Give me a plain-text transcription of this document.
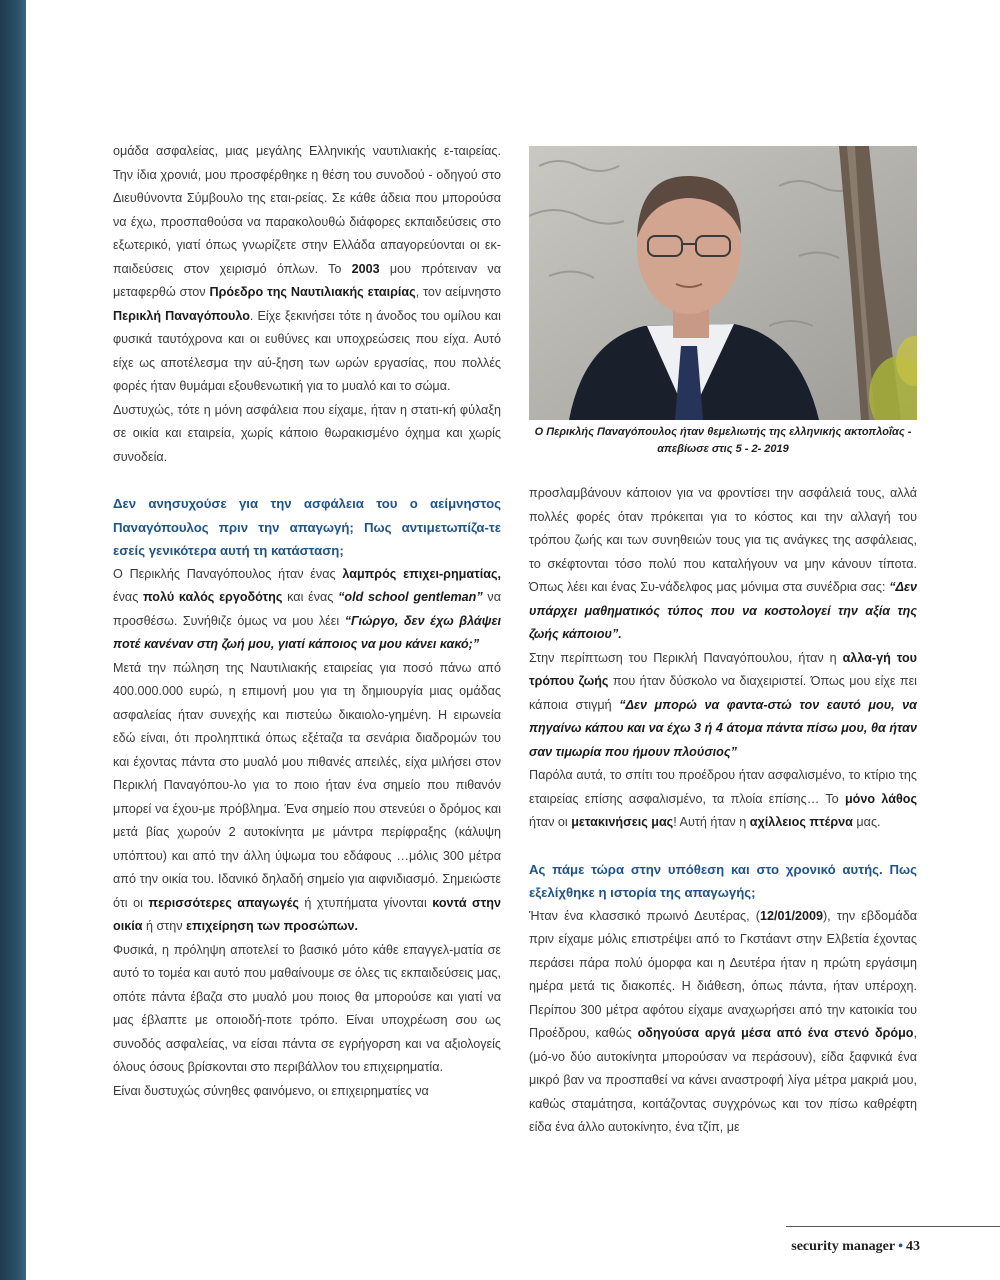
ομάδα ασφαλείας, μιας μεγάλης Ελληνικής ναυτιλιακής ε-ταιρείας. Την ίδια χρονιά, μου προσφέρθηκε η θέση του συνοδού - οδηγού στο Διευθύνοντα Σύμβουλο της εται-ρείας. Σε κάθε άδεια που μπορούσα να έχω, προσπαθούσα να παρακολουθώ διάφορες εκπαιδεύσεις στο εξωτερικό, γιατί όπως γνωρίζετε στην Ελλάδα απαγορεύονται οι εκ-παιδεύσεις στον χειρισμό όπλων. Το 2003 μου πρότειναν να μεταφερθώ στον Πρόεδρο της Ναυτιλιακής εταιρίας, τον αείμνηστο Περικλή Παναγόπουλο. Είχε ξεκινήσει τότε η άνοδος του ομίλου και φυσικά ταυτόχρονα και οι ευθύνες και υποχρεώσεις που είχα. Αυτό είχε ως αποτέλεσμα την αύ-ξηση των ωρών εργασίας, που πολλές φορές ήταν θυμάμαι εξουθενωτική για το μυαλό και το σώμα.

Δυστυχώς, τότε η μόνη ασφάλεια που είχαμε, ήταν η στατι-κή φύλαξη σε οικία και εταιρεία, χωρίς κάποιο θωρακισμένο όχημα και χωρίς συνοδεία.

Δεν ανησυχούσε για την ασφάλεια του ο αείμνηστος Παναγόπουλος πριν την απαγωγή; Πως αντιμετωπίζα-τε εσείς γενικότερα αυτή τη κατάσταση;

Ο Περικλής Παναγόπουλος ήταν ένας λαμπρός επιχει-ρηματίας, ένας πολύ καλός εργοδότης και ένας “old school gentleman” να προσθέσω. Συνήθιζε όμως να μου λέει “Γιώργο, δεν έχω βλάψει ποτέ κανέναν στη ζωή μου, γιατί κάποιος να μου κάνει κακό;”

Μετά την πώληση της Ναυτιλιακής εταιρείας για ποσό πάνω από 400.000.000 ευρώ, η επιμονή μου για τη δημιουργία μιας ομάδας ασφαλείας ήταν συνεχής και πιστεύω δικαιολο-γημένη. Η ειρωνεία εδώ είναι, ότι προληπτικά όπως εξέταζα τα σενάρια διαδρομών του και έχοντας πάντα στο μυαλό μου πιθανές απειλές, είχα μιλήσει στον Περικλή Παναγόπου-λο για το ποιο ήταν ένα σημείο που πιθανόν μπορεί να έχου-με πρόβλημα. Ένα σημείο που στενεύει ο δρόμος και μετά βίας χωρούν 2 αυτοκίνητα με μάντρα περίφραξης (κάλυψη υπόπτου) και από την άλλη ύψωμα του εδάφους …μόλις 300 μέτρα από την οικία του. Ιδανικό δηλαδή σημείο για αιφνιδιασμό. Σημειώστε ότι οι περισσότερες απαγωγές ή χτυπήματα γίνονται κοντά στην οικία ή στην επιχείρηση των προσώπων.

Φυσικά, η πρόληψη αποτελεί το βασικό μότο κάθε επαγγελ-ματία σε αυτό το τομέα και αυτό που μαθαίνουμε σε όλες τις εκπαιδεύσεις μας, οπότε πάντα έβαζα στο μυαλό μου ποιος θα μπορούσε και γιατί να μας έβλαπτε με οποιοδή-ποτε τρόπο. Είναι υποχρέωση σου ως συνοδός ασφαλείας, να είσαι πάντα σε εγρήγορση και να αξιολογείς όλους όσους βρίσκονται στο περιβάλλον του επιχειρηματία.

Είναι δυστυχώς σύνηθες φαινόμενο, οι επιχειρηματίες να

Ο Περικλής Παναγόπουλος ήταν θεμελιωτής της ελληνικής ακτοπλοΐας - απεβίωσε στις 5 - 2- 2019

προσλαμβάνουν κάποιον για να φροντίσει την ασφάλειά τους, αλλά πολλές φορές όταν πρόκειται για το κόστος και την αλλαγή του τρόπου ζωής και των συνηθειών τους για τις ανάγκες της ασφάλειας, το σκέφτονται τόσο πολύ που καταλήγουν να μην κάνουν τίποτα. Όπως λέει και ένας Συ-νάδελφος μας μόνιμα στα συνέδρια σας: “Δεν υπάρχει μαθηματικός τύπος που να κοστολογεί την αξία της ζωής κάποιου”.

Στην περίπτωση του Περικλή Παναγόπουλου, ήταν η αλλα-γή του τρόπου ζωής που ήταν δύσκολο να διαχειριστεί. Όπως μου είχε πει κάποια στιγμή “Δεν μπορώ να φαντα-στώ τον εαυτό μου, να πηγαίνω κάπου και να έχω 3 ή 4 άτομα πάντα πίσω μου, θα ήταν σαν τιμωρία που ήμουν πλούσιος”

Παρόλα αυτά, το σπίτι του προέδρου ήταν ασφαλισμένο, το κτίριο της εταιρείας επίσης ασφαλισμένο, τα πλοία επίσης… Το μόνο λάθος ήταν οι μετακινήσεις μας! Αυτή ήταν η αχίλλειος πτέρνα μας.

Ας πάμε τώρα στην υπόθεση και στο χρονικό αυτής. Πως εξελίχθηκε η ιστορία της απαγωγής;

Ήταν ένα κλασσικό πρωινό Δευτέρας, (12/01/2009), την εβδομάδα πριν είχαμε μόλις επιστρέψει από το Γκστάαντ στην Ελβετία έχοντας περάσει πάρα πολύ όμορφα και η Δευτέρα ήταν η πρώτη εργάσιμη ημέρα μετά τις διακοπές. Η διάθεση, όπως πάντα, ήταν υπέροχη. Περίπου 300 μέτρα αφότου είχαμε αναχωρήσει από την κατοικία του Προέδρου, καθώς οδηγούσα αργά μέσα από ένα στενό δρόμο, (μό-νο δύο αυτοκίνητα μπορούσαν να περάσουν), είδα ξαφνικά ένα μικρό βαν να προσπαθεί να κάνει αναστροφή λίγα μέτρα μακριά μου, καθώς σταμάτησα, κοιτάζοντας συγχρόνως και τον πίσω καθρέφτη είδα ένα άλλο αυτοκίνητο, ένα τζίπ, με

security manager • 43
